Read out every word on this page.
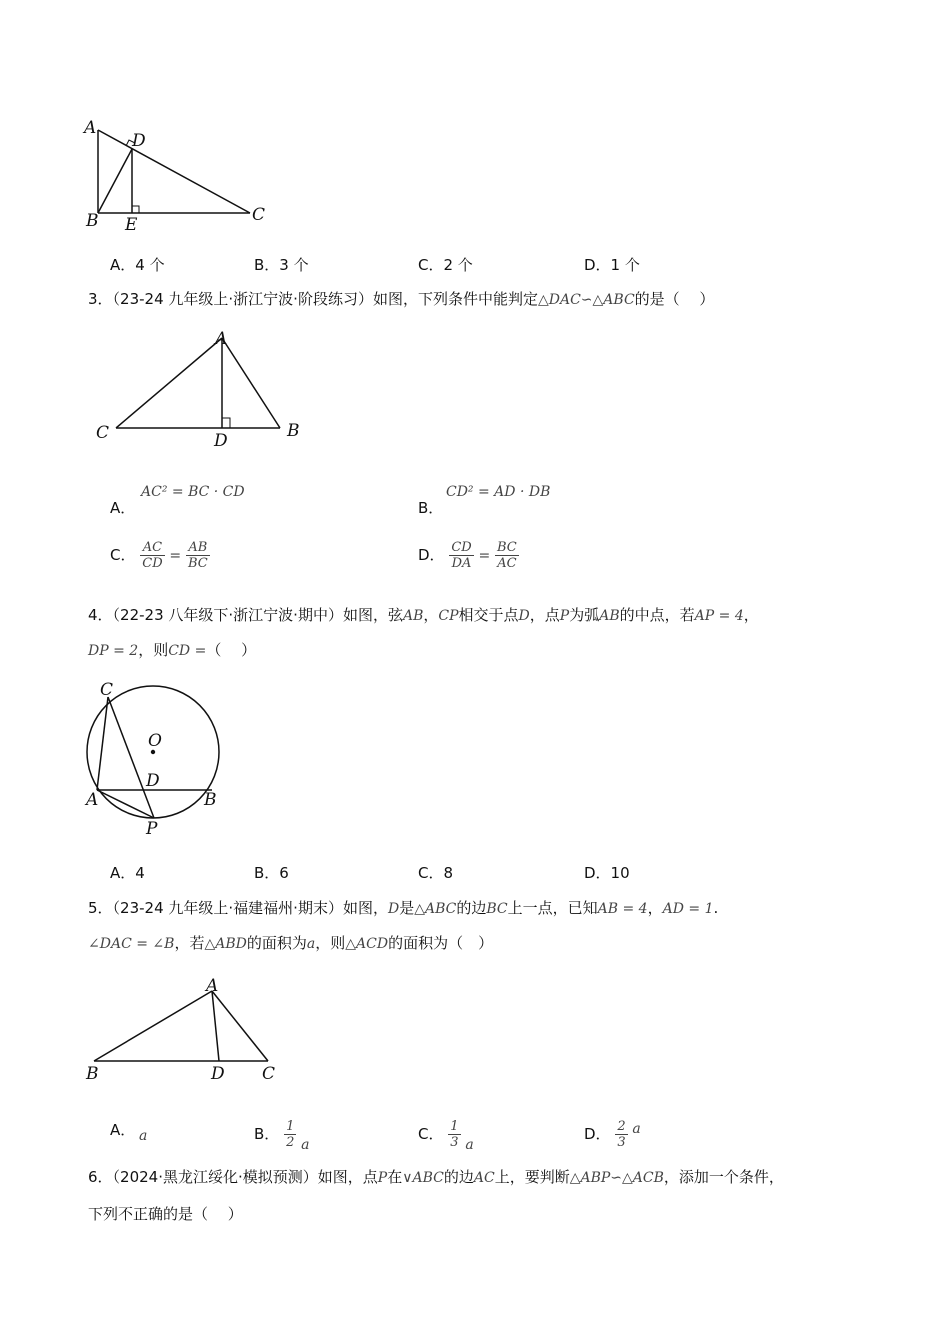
A
D
B E	C
A．4 个	B．3 个	C．2 个	D．1 个
3．（23-24 九年级上·浙江宁波·阶段练习）如图，下列条件中能判定△DAC∽△ABC的是（　 ）
A
C	D	B
A．
AC² = BC · CD
B．
CD² = AD · DB
C． $\frac{AC}{CD} = \frac{AB}{BC}$	D． $\frac{CD}{DA} = \frac{BC}{AC}$
4．（22-23 八年级下·浙江宁波·期中）如图，弦AB，CP相交于点D，点P为弧AB的中点，若AP = 4，
DP = 2，则CD =（　 ）
C
O
D
A	B
P
A．4	B．6	C．8	D．10
5．（23-24 九年级上·福建福州·期末）如图，D是△ABC的边BC上一点，已知AB = 4，AD = 1.
∠DAC = ∠B，若△ABD的面积为a，则△ACD的面积为（　）
A
B	D C
A． a	B． $\frac{1}{2}$ a
C． $\frac{1}{3}$ a
D． $\frac{2}{3}$ a
6．（2024·黑龙江绥化·模拟预测）如图，点P在∨ABC的边AC上，要判断△ABP∽△ACB，添加一个条件，
下列不正确的是（　 ）
